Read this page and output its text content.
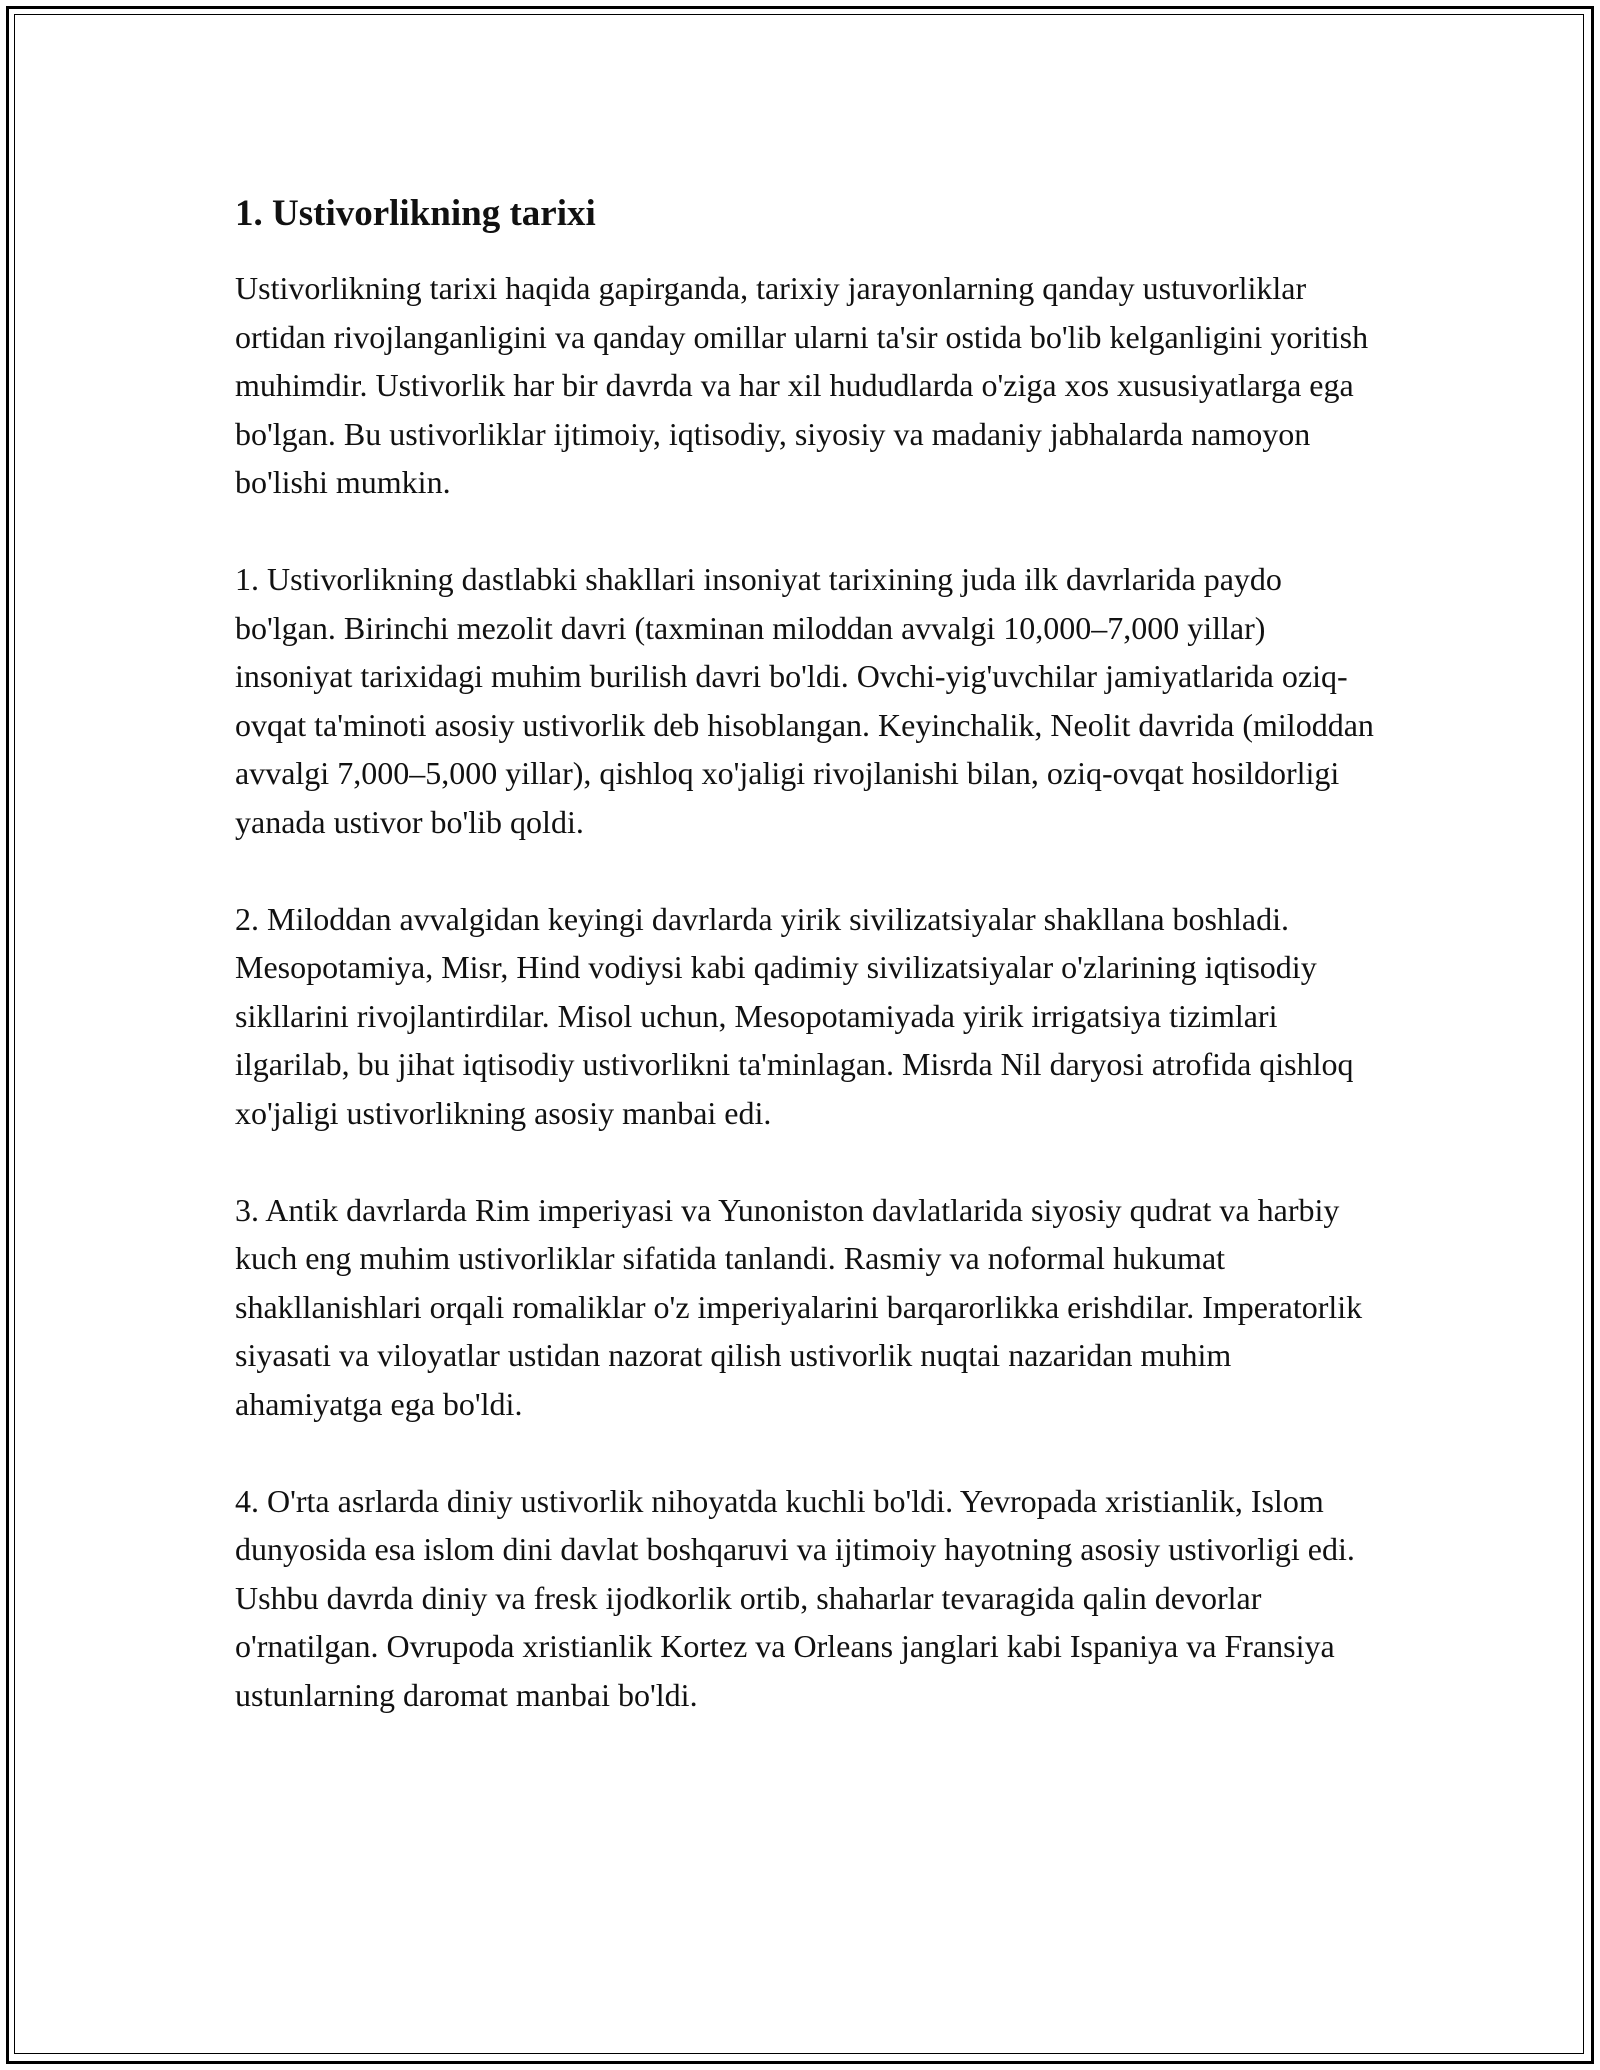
1. Ustivorlikning tarixi

Ustivorlikning tarixi haqida gapirganda, tarixiy jarayonlarning qanday ustuvorliklar ortidan rivojlanganligini va qanday omillar ularni ta'sir ostida bo'lib kelganligini yoritish muhimdir. Ustivorlik har bir davrda va har xil hududlarda o'ziga xos xususiyatlarga ega bo'lgan. Bu ustivorliklar ijtimoiy, iqtisodiy, siyosiy va madaniy jabhalarda namoyon bo'lishi mumkin.

1. Ustivorlikning dastlabki shakllari insoniyat tarixining juda ilk davrlarida paydo bo'lgan. Birinchi mezolit davri (taxminan miloddan avvalgi 10,000–7,000 yillar) insoniyat tarixidagi muhim burilish davri bo'ldi. Ovchi-yig'uvchilar jamiyatlarida oziq-ovqat ta'minoti asosiy ustivorlik deb hisoblangan. Keyinchalik, Neolit davrida (miloddan avvalgi 7,000–5,000 yillar), qishloq xo'jaligi rivojlanishi bilan, oziq-ovqat hosildorligi yanada ustivor bo'lib qoldi.

2. Miloddan avvalgidan keyingi davrlarda yirik sivilizatsiyalar shakllana boshladi. Mesopotamiya, Misr, Hind vodiysi kabi qadimiy sivilizatsiyalar o'zlarining iqtisodiy sikllarini rivojlantirdilar. Misol uchun, Mesopotamiyada yirik irrigatsiya tizimlari ilgarilab, bu jihat iqtisodiy ustivorlikni ta'minlagan. Misrda Nil daryosi atrofida qishloq xo'jaligi ustivorlikning asosiy manbai edi.

3. Antik davrlarda Rim imperiyasi va Yunoniston davlatlarida siyosiy qudrat va harbiy kuch eng muhim ustivorliklar sifatida tanlandi. Rasmiy va noformal hukumat shakllanishlari orqali romaliklar o'z imperiyalarini barqarorlikka erishdilar. Imperatorlik siyasati va viloyatlar ustidan nazorat qilish ustivorlik nuqtai nazaridan muhim ahamiyatga ega bo'ldi.

4. O'rta asrlarda diniy ustivorlik nihoyatda kuchli bo'ldi. Yevropada xristianlik, Islom dunyosida esa islom dini davlat boshqaruvi va ijtimoiy hayotning asosiy ustivorligi edi. Ushbu davrda diniy va fresk ijodkorlik ortib, shaharlar tevaragida qalin devorlar o'rnatilgan. Ovrupoda xristianlik Kortez va Orleans janglari kabi Ispaniya va Fransiya ustunlarning daromat manbai bo'ldi.
